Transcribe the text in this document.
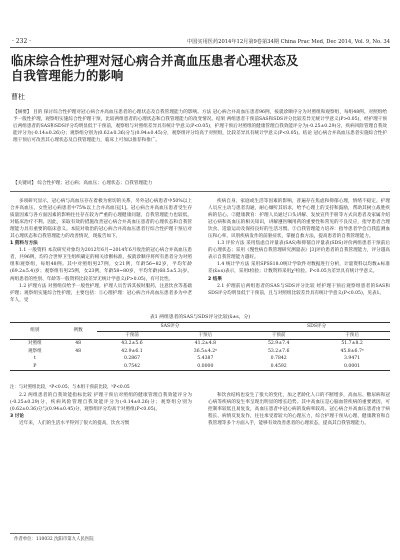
· 232 ·	中国实用医药2014年12月第9卷第34期 China Prac Med, Dec 2014, Vol. 9, No. 34
临床综合性护理对冠心病合并高血压患者心理状态及
自我管理能力的影响
曹杜
【摘要】 目的 探讨综合性护理对冠心病合并高血压患者的心理状态及自我管理能力的影响。方法 冠心病合并高血压患者96例，按就诊顺序分为对照组和观察组，每组48例。对照组给予一般性护理，观察组实施综合性护理干预，比较两组患者的心理状态和自我管理能力的改变情况。结果 两组患者干预前SAS和SDS评分比较差异无统计学意义(P>0.05)，经护理干预后两组患者的SAS和SDS评分均明显低于干预前，观察组与对照组差异具有统计学意义(P<0.05)，护理干预后对照组的健康管理自我效能评分为(-0.25±0.29)分，疾病风险管理自我效能评分为(-0.14±0.26)分；观察组分别为(0.62±0.36)分与(0.94±0.45)分，观察组评分均高于对照组，比较差异具有统计学意义(P<0.05)。结论 冠心病合并高血压患者实施综合性护理干预后可改善其心理状态及自我管理能力，临床上可加以推荐和推广。
【关键词】 综合性护理；冠心病；高血压；心理状态；自我管理能力

多项研究显示，冠心病与高血压存在着极为密切的关系，另外冠心病患者中50%以上合并高血压，女性冠心病患者中75%以上合并高血压[1]。冠心病合并高血压患者受生存质量因素与各方面因素的影响往往存在较为严重的心理健康问题，自我管理能力也较低，对临床治疗不利。因此，采取有效的措施改善冠心病合并高血压患者的心理状态和自我管理能力具有重要的临床意义。本院对收治的冠心病合并高血压患者行综合性护理干预后对其心理状态和自我管理能力的改善情况，现报告如下。

1 资料与方法

1.1 一般资料 本次研究对象均为2012年6月~2014年6月收治的冠心病合并高血压患者，共96例，均符合世界卫生组织确定的相关诊断标准，按就诊顺序将所有患者分为对照组和观察组，每组48例。其中对照组男27例，女21例，年龄56~82岁，平均年龄(69.2±5.4)岁；观察组有男25例，女23例，年龄58~80岁，平均年龄(68.5±5.3)岁。两组患者的性别、年龄等一般资料比较差异无统计学意义(P>0.05)，有可比性。

1.2 护理方法 对照组仅给予一般性护理，护理人员告诉其按时服药，注意饮食等基础护理；观察组实施综合性护理，主要包括：①心理护理：冠心病合并高血压患者多为中老年人，受

疾病自身、家庭或生活等因素的影响，普遍存在焦虑和抑郁心理，情绪不稳定。护理人员应主动与患者沟通，耐心倾听其诉求，给予心理上的支持和鼓励，帮助其树立战胜疾病的信心。②健康教育：护理人员通过口头讲解、发放宣传手册等方式向患者及家属介绍冠心病和高血压的相关知识，讲解遵医嘱用药的重要性和常见的不良反应，指导患者合理饮食、适量运动及保持良好的生活习惯。③自我管理能力培养：指导患者学会自我监测血压和心率，识别疾病发作的前驱症状，掌握自救方法，提高患者的自我管理能力。

1.3 评价方法 采用焦虑自评量表(SAS)和抑郁自评量表(SDS)评价两组患者干预前后的心理状态；采用《慢性病自我管理研究测量表》[3]评价患者的自我管理能力，评分越高表示自我管理能力越好。

1.4 统计学方法 采用SPSS18.0统计学软件对数据进行分析，计量资料以均数±标准差(x̄±s)表示，采用t检验；计数资料采用χ²检验。P<0.05为差异具有统计学意义。

2 结果

2.1 护理前后两组患者的SAS与SDS评分比较 经护理干预后观察组患者的SAS和SDS评分均明显低于干预前，且与对照组比较差异具有统计学意义(P<0.05)，见表1。

表1 两组患者的SAS与SDS评分比较(x̄±s，分)
组别	例数	SAS评分		SDS评分	
		干预前	干预后	干预前	干预后
对照组	48	43.2±5.6	41.2±4.8	52.9±7.4	51.7±8.2
观察组	48	42.9±6.1	36.5±4.2ᵃ	53.2±7.6	45.8±6.7ᵃ
t		0.2867	5.4387	0.7842	3.9471
P		0.7542	0.0000	0.4592	0.0001
注：与对照组比较，ᵃP<0.05；与本组干预前比较，ᵇP<0.05

2.2 两组患者的自我效能指标比较 护理干预后对照组的健康管理自我效能评分为(-0.25±0.29)分，疾病风险管理自我效能评分为(-0.14±0.26)分；观察组分别为(0.62±0.36)分与(0.94±0.45)分，观察组评分均高于对照组(P<0.05)。

3 讨论

近年来，人们的生活水平得到了很大的提高，饮食习惯

和饮食结构也发生了很大的变化，加之老龄化人口的不断增多，高血压、糖尿病和冠心病等疾病的发生率呈现出明显的增长趋势。其中高血压是心脑血管疾病的重要诱因，可控制率较低且易复发，高血压患者中冠心病的发病率较高。冠心病合并高血压患者由于病程长、病情反复发作，往往承受着较大的心理压力，综合护理干预从心理、健康教育和自我管理等多个方面入手，能够有效改善患者的心理状态，提高其自我管理能力。

作者单位：110032 沈阳市第九人民医院
